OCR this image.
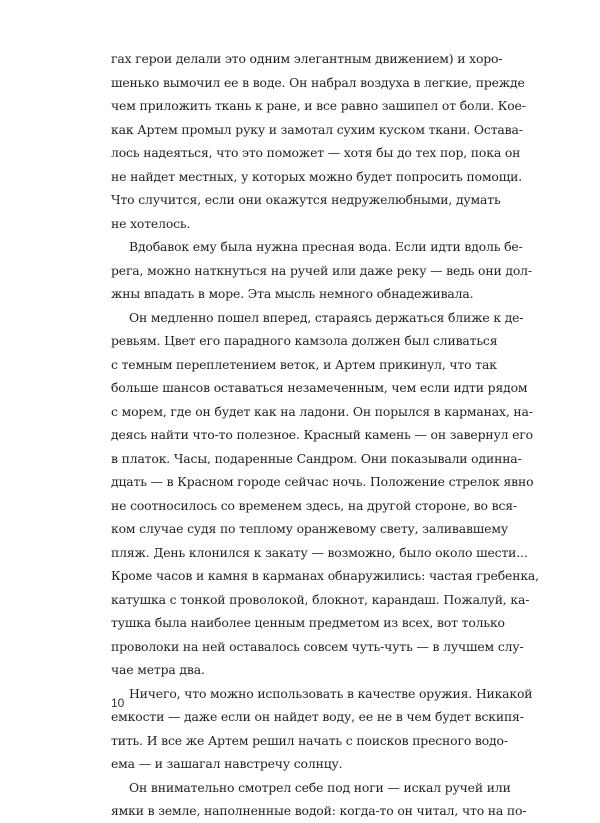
гах герои делали это одним элегантным движением) и хоро-
шенько вымочил ее в воде. Он набрал воздуха в легкие, прежде
чем приложить ткань к ране, и все равно зашипел от боли. Кое-
как Артем промыл руку и замотал сухим куском ткани. Остава-
лось надеяться, что это поможет — хотя бы до тех пор, пока он
не найдет местных, у которых можно будет попросить помощи.
Что случится, если они окажутся недружелюбными, думать
не хотелось.
Вдобавок ему была нужна пресная вода. Если идти вдоль бе-
рега, можно наткнуться на ручей или даже реку — ведь они дол-
жны впадать в море. Эта мысль немного обнадеживала.
Он медленно пошел вперед, стараясь держаться ближе к де-
ревьям. Цвет его парадного камзола должен был сливаться
с темным переплетением веток, и Артем прикинул, что так
больше шансов оставаться незамеченным, чем если идти рядом
с морем, где он будет как на ладони. Он порылся в карманах, на-
деясь найти что-то полезное. Красный камень — он завернул его
в платок. Часы, подаренные Сандром. Они показывали одинна-
дцать — в Красном городе сейчас ночь. Положение стрелок явно
не соотносилось со временем здесь, на другой стороне, во вся-
ком случае судя по теплому оранжевому свету, заливавшему
пляж. День клонился к закату — возможно, было около шести...
Кроме часов и камня в карманах обнаружились: частая гребенка,
катушка с тонкой проволокой, блокнот, карандаш. Пожалуй, ка-
тушка была наиболее ценным предметом из всех, вот только
проволоки на ней оставалось совсем чуть-чуть — в лучшем слу-
чае метра два.
Ничего, что можно использовать в качестве оружия. Никакой
емкости — даже если он найдет воду, ее не в чем будет вскипя-
тить. И все же Артем решил начать с поисков пресного водо-
ема — и зашагал навстречу солнцу.
Он внимательно смотрел себе под ноги — искал ручей или
ямки в земле, наполненные водой: когда-то он читал, что на по-
10
